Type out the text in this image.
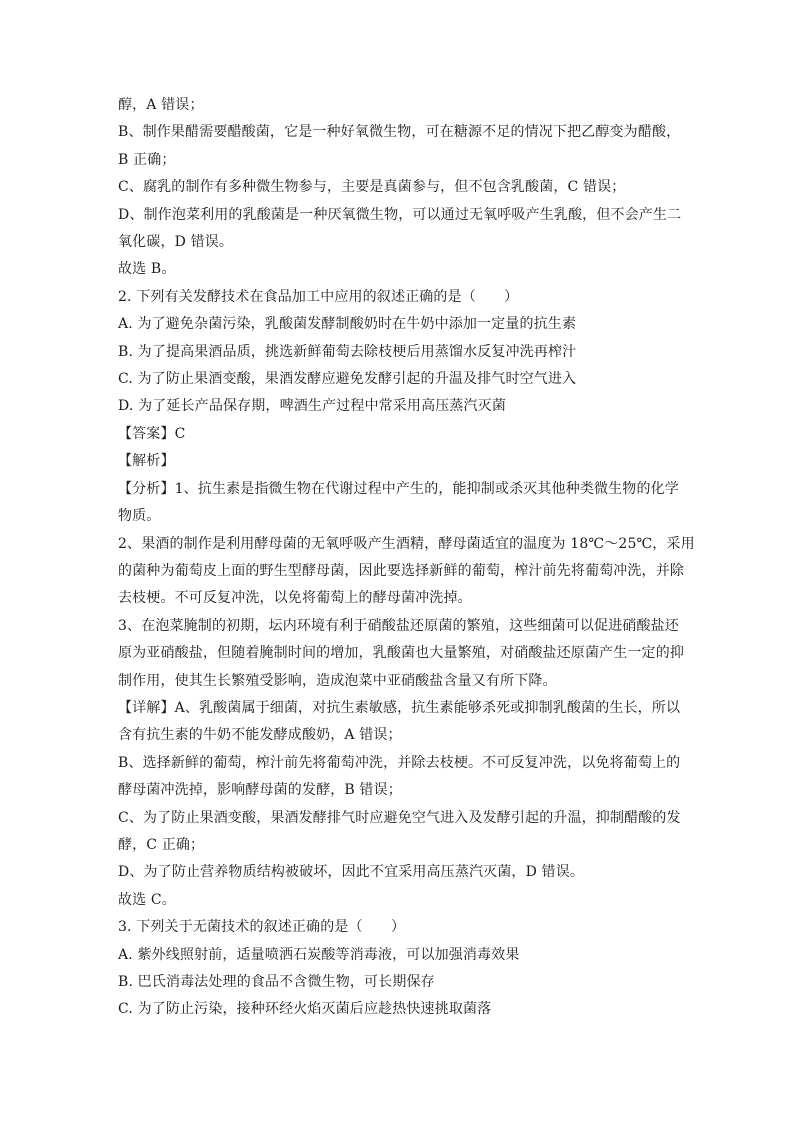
醇，A 错误；
B、制作果醋需要醋酸菌，它是一种好氧微生物，可在糖源不足的情况下把乙醇变为醋酸，
B 正确；
C、腐乳的制作有多种微生物参与，主要是真菌参与，但不包含乳酸菌，C 错误；
D、制作泡菜利用的乳酸菌是一种厌氧微生物，可以通过无氧呼吸产生乳酸，但不会产生二
氧化碳，D 错误。
故选 B。
2. 下列有关发酵技术在食品加工中应用的叙述正确的是（　　）
A. 为了避免杂菌污染，乳酸菌发酵制酸奶时在牛奶中添加一定量的抗生素
B. 为了提高果酒品质，挑选新鲜葡萄去除枝梗后用蒸馏水反复冲洗再榨汁
C. 为了防止果酒变酸，果酒发酵应避免发酵引起的升温及排气时空气进入
D. 为了延长产品保存期，啤酒生产过程中常采用高压蒸汽灭菌
【答案】C
【解析】
【分析】1、抗生素是指微生物在代谢过程中产生的，能抑制或杀灭其他种类微生物的化学
物质。
2、果酒的制作是利用酵母菌的无氧呼吸产生酒精，酵母菌适宜的温度为 18℃～25℃，采用
的菌种为葡萄皮上面的野生型酵母菌，因此要选择新鲜的葡萄，榨汁前先将葡萄冲洗，并除
去枝梗。不可反复冲洗，以免将葡萄上的酵母菌冲洗掉。
3、在泡菜腌制的初期，坛内环境有利于硝酸盐还原菌的繁殖，这些细菌可以促进硝酸盐还
原为亚硝酸盐，但随着腌制时间的增加，乳酸菌也大量繁殖，对硝酸盐还原菌产生一定的抑
制作用，使其生长繁殖受影响，造成泡菜中亚硝酸盐含量又有所下降。
【详解】A、乳酸菌属于细菌，对抗生素敏感，抗生素能够杀死或抑制乳酸菌的生长，所以
含有抗生素的牛奶不能发酵成酸奶，A 错误；
B、选择新鲜的葡萄，榨汁前先将葡萄冲洗，并除去枝梗。不可反复冲洗，以免将葡萄上的
酵母菌冲洗掉，影响酵母菌的发酵，B 错误；
C、为了防止果酒变酸，果酒发酵排气时应避免空气进入及发酵引起的升温，抑制醋酸的发
酵，C 正确；
D、为了防止营养物质结构被破坏，因此不宜采用高压蒸汽灭菌，D 错误。
故选 C。
3. 下列关于无菌技术的叙述正确的是（　　）
A. 紫外线照射前，适量喷洒石炭酸等消毒液，可以加强消毒效果
B. 巴氏消毒法处理的食品不含微生物，可长期保存
C. 为了防止污染，接种环经火焰灭菌后应趁热快速挑取菌落
